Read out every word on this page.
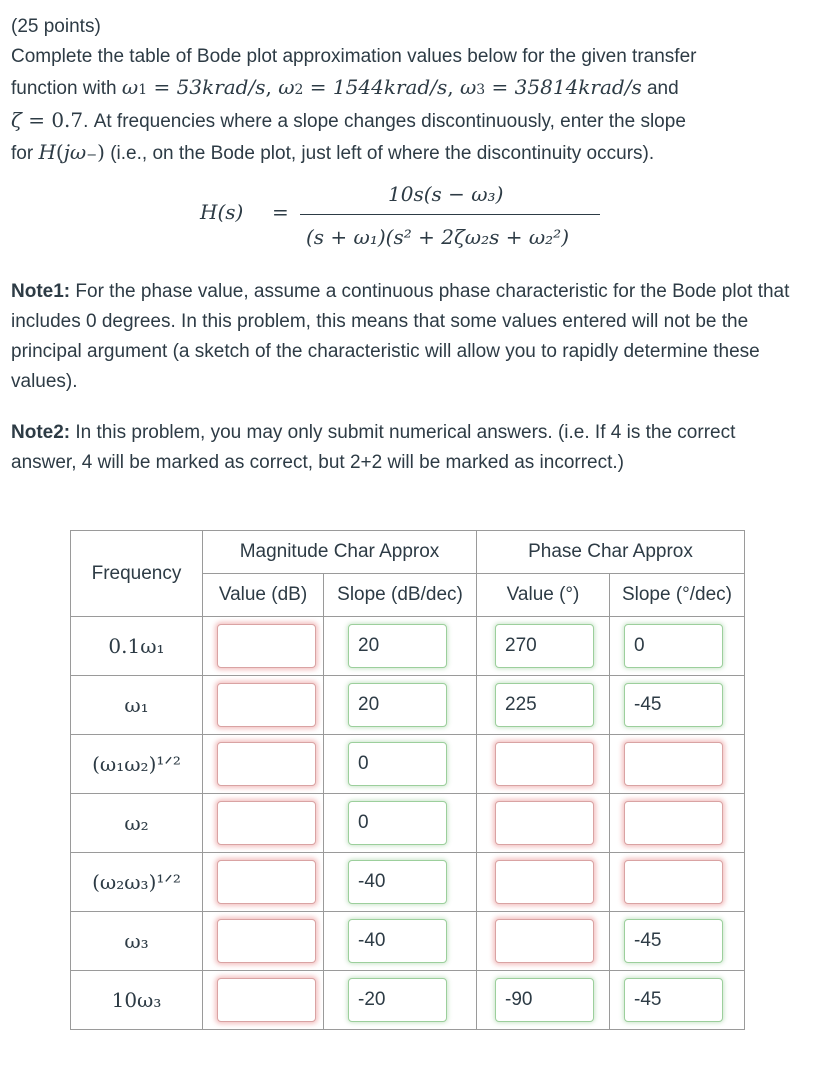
(25 points)

Complete the table of Bode plot approximation values below for the given transfer

function with ω1 = 53krad/s, ω2 = 1544krad/s, ω3 = 35814krad/s and

ζ = 0.7. At frequencies where a slope changes discontinuously, enter the slope

for H(jω−) (i.e., on the Bode plot, just left of where the discontinuity occurs).

H(s) =
10s(s − ω₃)
(s + ω₁)(s² + 2ζω₂s + ω₂²)
Note1: For the phase value, assume a continuous phase characteristic for the Bode plot that includes 0 degrees. In this problem, this means that some values entered will not be the principal argument (a sketch of the characteristic will allow you to rapidly determine these values).
Note2: In this problem, you may only submit numerical answers. (i.e. If 4 is the correct answer, 4 will be marked as correct, but 2+2 will be marked as incorrect.)
Frequency	Magnitude Char Approx		Phase Char Approx	
	Value (dB)	Slope (dB/dec)	Value (°)	Slope (°/dec)
0.1ω₁		20	270	0

ω₁		20	225	-45

(ω₁ω₂)¹ᐟ²		0		

ω₂		0		

(ω₂ω₃)¹ᐟ²		-40		

ω₃		-40		-45

10ω₃		-20	-90	-45
